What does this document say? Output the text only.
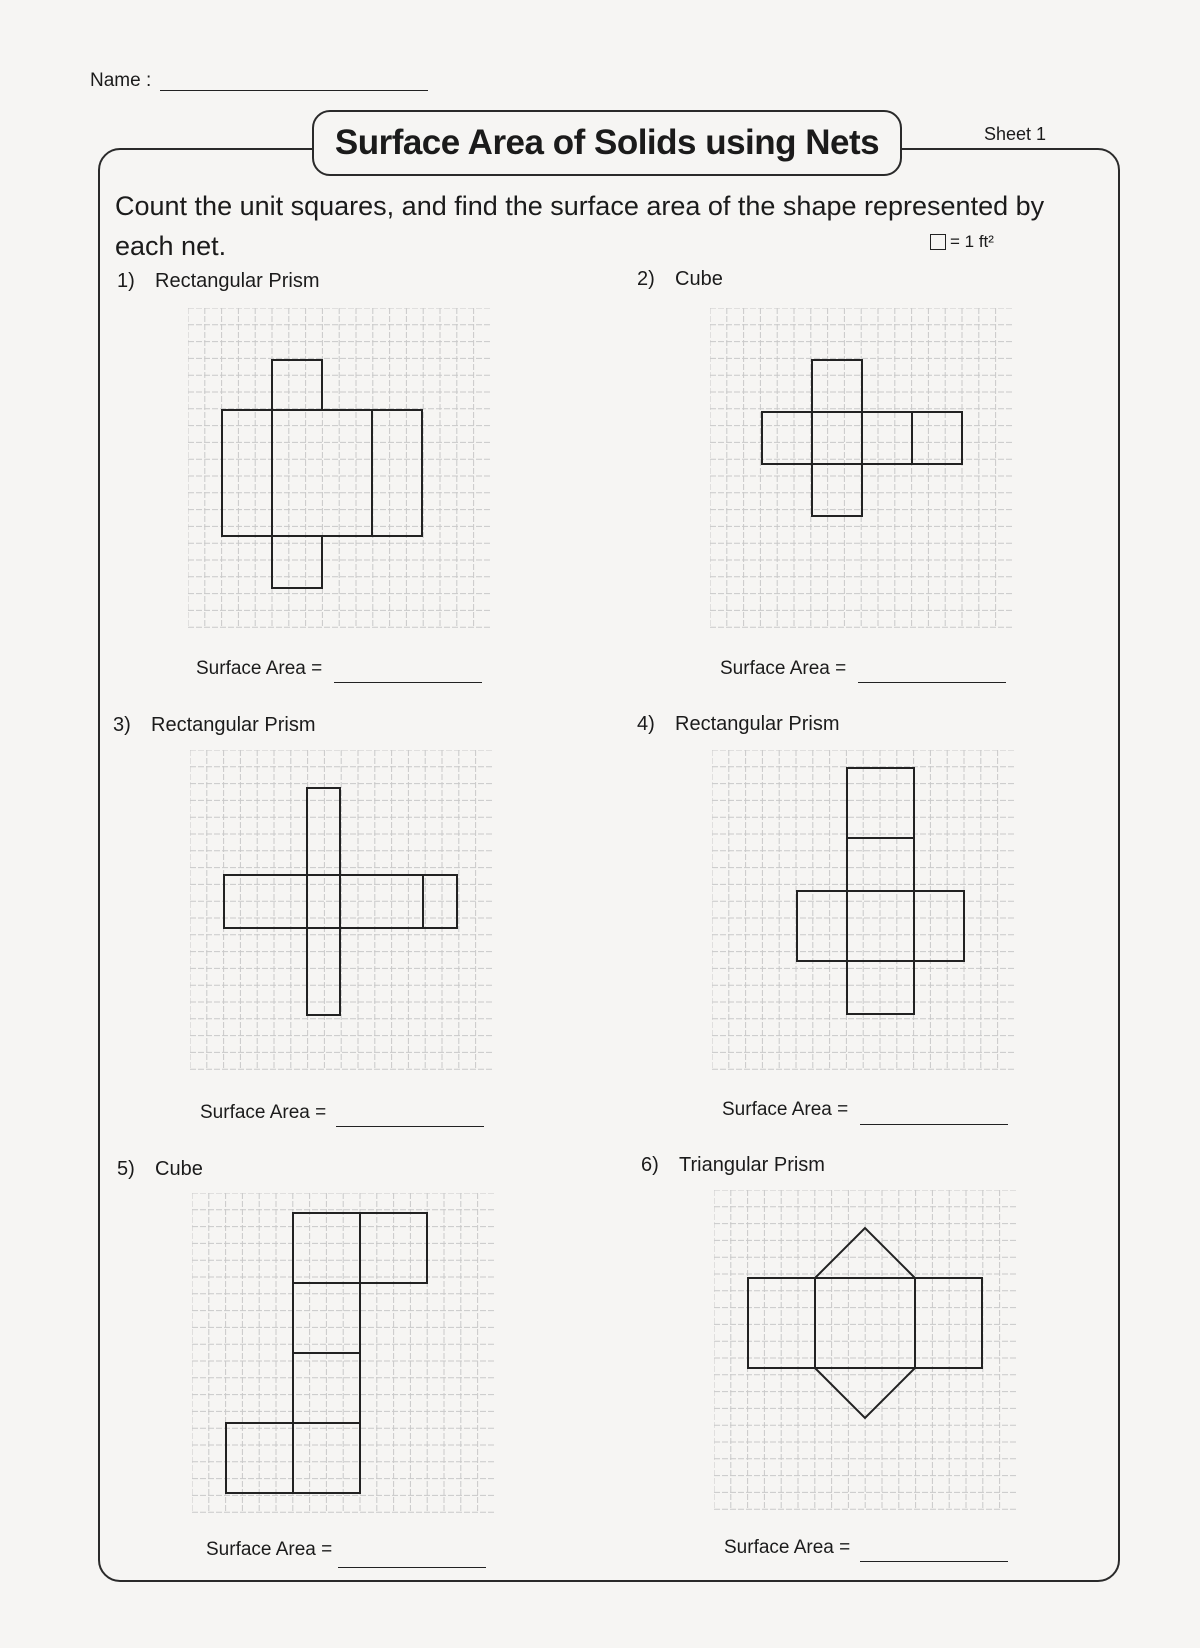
Name :
Surface Area of Solids using Nets	Sheet 1
Count the unit squares, and find the surface area of the shape represented by each net.	= 1 ft²
1) Rectangular Prism
Surface Area =
2) Cube
Surface Area =
3) Rectangular Prism
Surface Area =
4) Rectangular Prism
Surface Area =
5) Cube
Surface Area =
6) Triangular Prism
Surface Area =
